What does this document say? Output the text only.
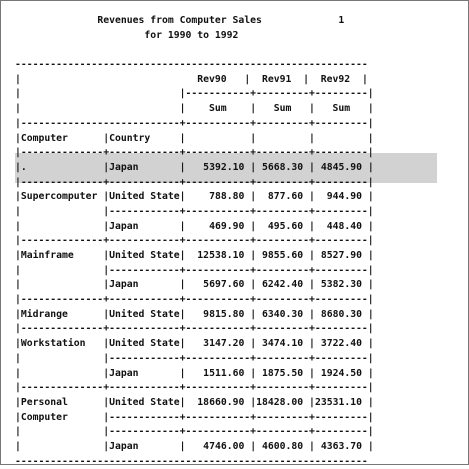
Revenues from Computer Sales	1
for 1990 to 1992
------------------------------------------------------------
|                              Rev90   |  Rev91  |  Rev92  |
|                           |-----------+---------+---------|
|                           |    Sum    |   Sum   |   Sum   |
|---------------------------+-----------+---------+---------|
|Computer      |Country     |           |         |         |
|--------------+------------+-----------+---------+---------|
|.             |Japan       |   5392.10 | 5668.30 | 4845.90 |
|--------------+------------+-----------+---------+---------|
|Supercomputer |United State|    788.80 |  877.60 |  944.90 |
|              |------------+-----------+---------+---------|
|	|Japan       |    469.90 |  495.60 |  448.40 |
|--------------+------------+-----------+---------+---------|
|Mainframe     |United State|  12538.10 | 9855.60 | 8527.90 |
|              |------------+-----------+---------+---------|
|	|Japan       |   5697.60 | 6242.40 | 5382.30 |
|--------------+------------+-----------+---------+---------|
|Midrange      |United State|   9815.80 | 6340.30 | 8680.30 |
|--------------+------------+-----------+---------+---------|
|Workstation   |United State|   3147.20 | 3474.10 | 3722.40 |
|              |------------+-----------+---------+---------|
|	|Japan       |   1511.60 | 1875.50 | 1924.50 |
|--------------+------------+-----------+---------+---------|
|Personal      |United State|  18660.90 |18428.00 |23531.10 |
|Computer      |------------+-----------+---------+---------|
|              |------------+-----------+---------+---------|
|	|Japan       |   4746.00 | 4600.80 | 4363.70 |
------------------------------------------------------------
